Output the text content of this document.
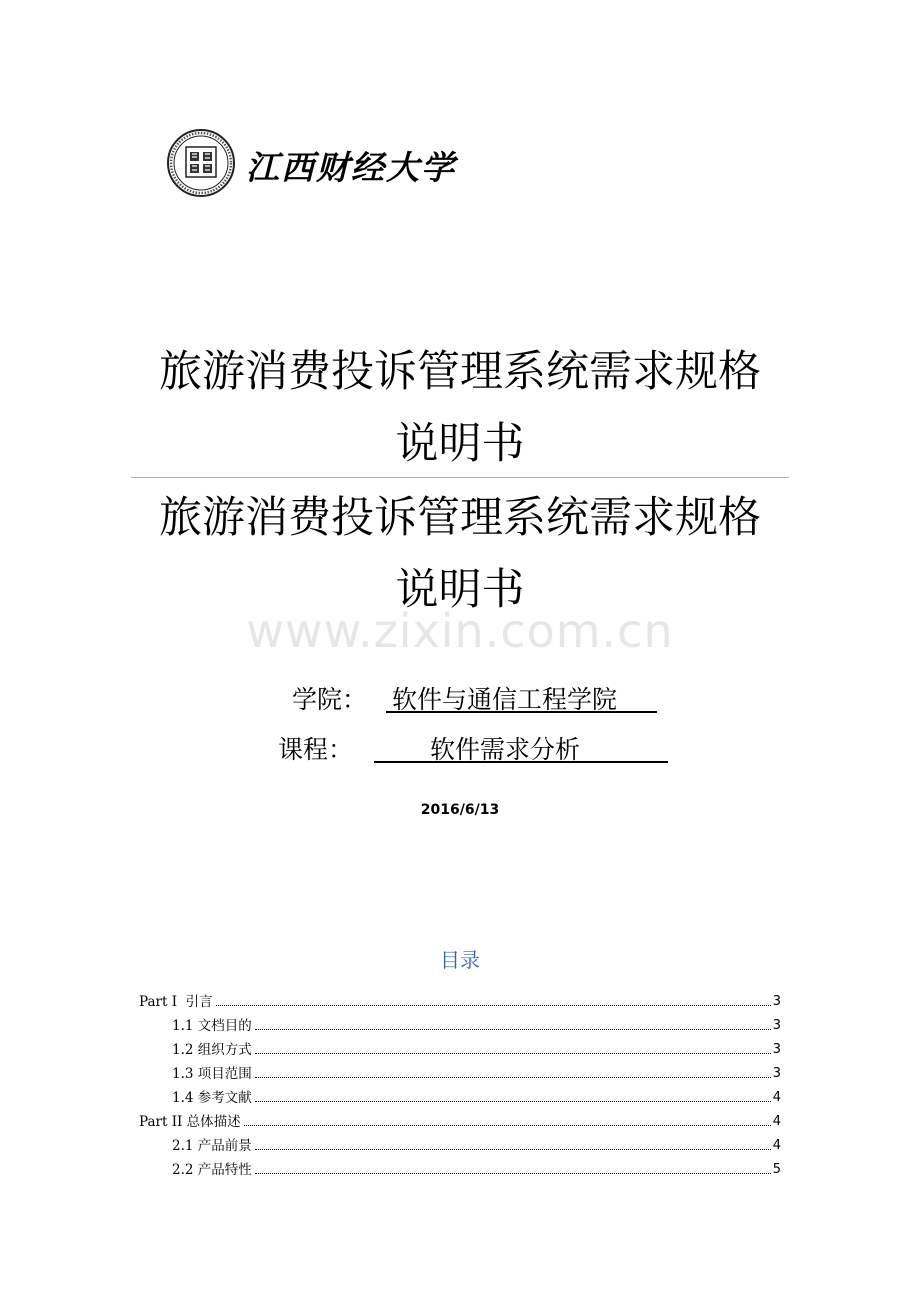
江西财经大学
旅游消费投诉管理系统需求规格
说明书
旅游消费投诉管理系统需求规格
说明书
www.zixin.com.cn
学院： 软件与通信工程学院
课程：	软件需求分析
2016/6/13
目录
Part I  引言	3
1.1 文档目的	3
1.2 组织方式	3
1.3 项目范围	3
1.4 参考文献	4
Part II 总体描述	4
2.1 产品前景	4
2.2 产品特性	5
